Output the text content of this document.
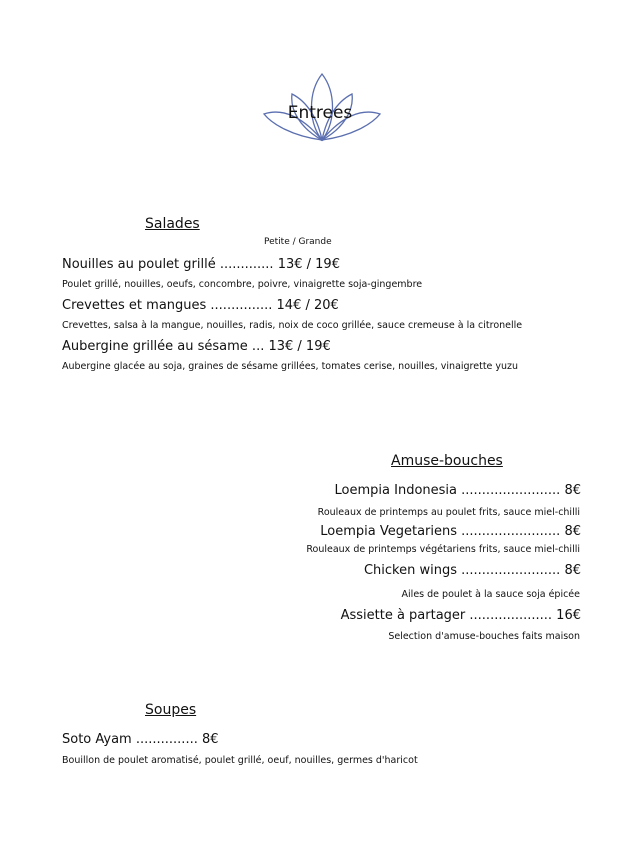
Entrees
Salades
Petite / Grande
Nouilles au poulet grillé ............. 13€ / 19€
Poulet grillé, nouilles, oeufs, concombre, poivre, vinaigrette soja-gingembre
Crevettes et mangues ............... 14€ / 20€
Crevettes, salsa à la mangue, nouilles, radis, noix de coco grillée, sauce cremeuse à la citronelle
Aubergine grillée au sésame ... 13€ / 19€
Aubergine glacée au soja, graines de sésame grillées, tomates cerise, nouilles, vinaigrette yuzu
Amuse-bouches
Loempia Indonesia ........................ 8€
Rouleaux de printemps au poulet frits, sauce miel-chilli
Loempia Vegetariens ........................ 8€
Rouleaux de printemps végétariens frits, sauce miel-chilli
Chicken wings ........................ 8€
Ailes de poulet à la sauce soja épicée
Assiette à partager .................... 16€
Selection d'amuse-bouches faits maison
Soupes
Soto Ayam ............... 8€
Bouillon de poulet aromatisé, poulet grillé, oeuf, nouilles, germes d'haricot
